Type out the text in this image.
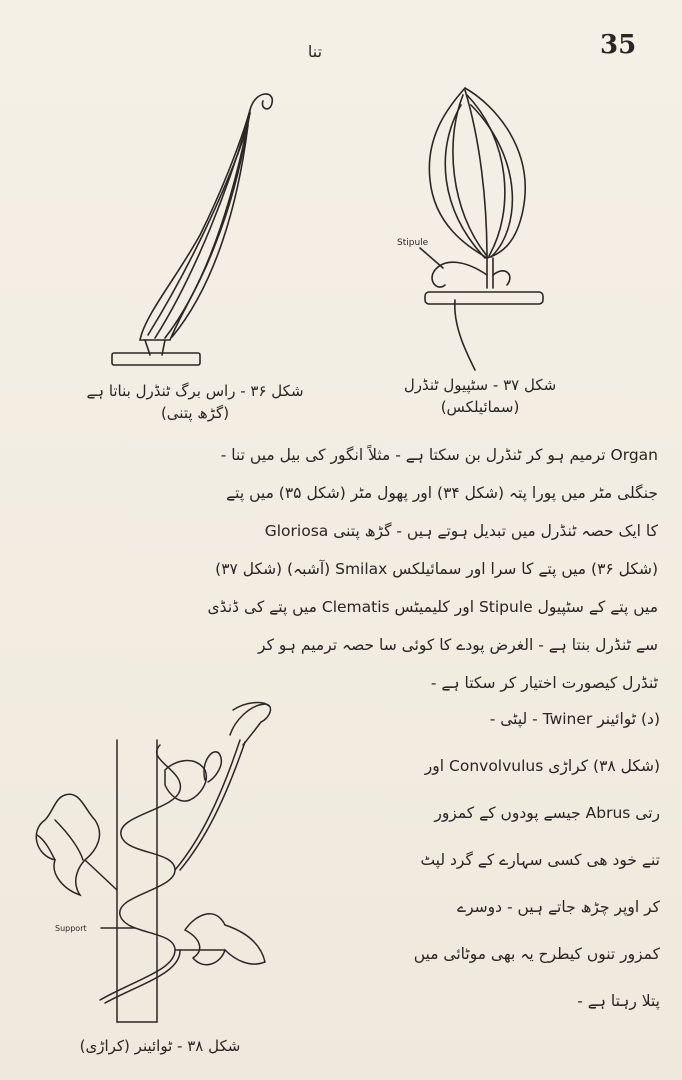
35
تنا
شکل ۳۶ - راس برگ ٹنڈرل بناتا ہے
(گڑھ پتنی)
Stipule
شکل ۳۷ - سٹپیول ٹنڈرل
(سمائیلکس)
Organ ترمیم ہو کر ٹنڈرل بن سکتا ہے - مثلاً انگور کی بیل میں تنا -
جنگلی مٹر میں پورا پتہ (شکل ۳۴) اور پھول مٹر (شکل ۳۵) میں پتے
کا ایک حصہ ٹنڈرل میں تبدیل ہوتے ہیں - گڑھ پتنی Gloriosa
(شکل ۳۶) میں پتے کا سرا اور سمائیلکس Smilax (آشبہ) (شکل ۳۷)
میں پتے کے سٹپیول Stipule اور کلیمیٹس Clematis میں پتے کی ڈنڈی
سے ٹنڈرل بنتا ہے - الغرض پودے کا کوئی سا حصہ ترمیم ہو کر
ٹنڈرل کیصورت اختیار کر سکتا ہے -
Support
شکل ۳۸ - ٹوائینر (کراڑی)
(د) ٹوائینر Twiner - لپٹی -
(شکل ۳۸) کراڑی Convolvulus اور
رتی Abrus جیسے پودوں کے کمزور
تنے خود ھی کسی سہارے کے گرد لپٹ
کر اوپر چڑھ جاتے ہیں - دوسرے
کمزور تنوں کیطرح یہ بھی موٹائی میں
پتلا رہتا ہے -
